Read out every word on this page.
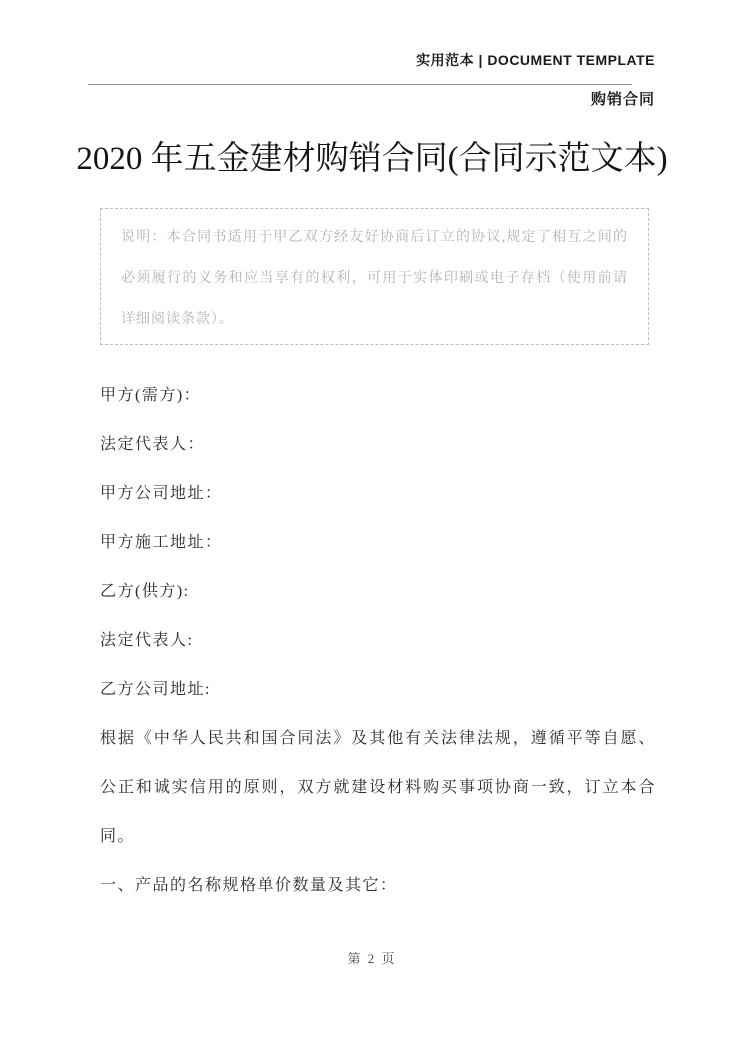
实用范本 | DOCUMENT TEMPLATE
购销合同
2020 年五金建材购销合同(合同示范文本)
说明：本合同书适用于甲乙双方经友好协商后订立的协议,规定了相互之间的必须履行的义务和应当享有的权利，可用于实体印刷或电子存档（使用前请详细阅读条款）。
甲方(需方)：
法定代表人：
甲方公司地址：
甲方施工地址：
乙方(供方):
法定代表人:
乙方公司地址:
根据《中华人民共和国合同法》及其他有关法律法规，遵循平等自愿、公正和诚实信用的原则，双方就建设材料购买事项协商一致，订立本合同。
一、产品的名称规格单价数量及其它：
第 2 页
